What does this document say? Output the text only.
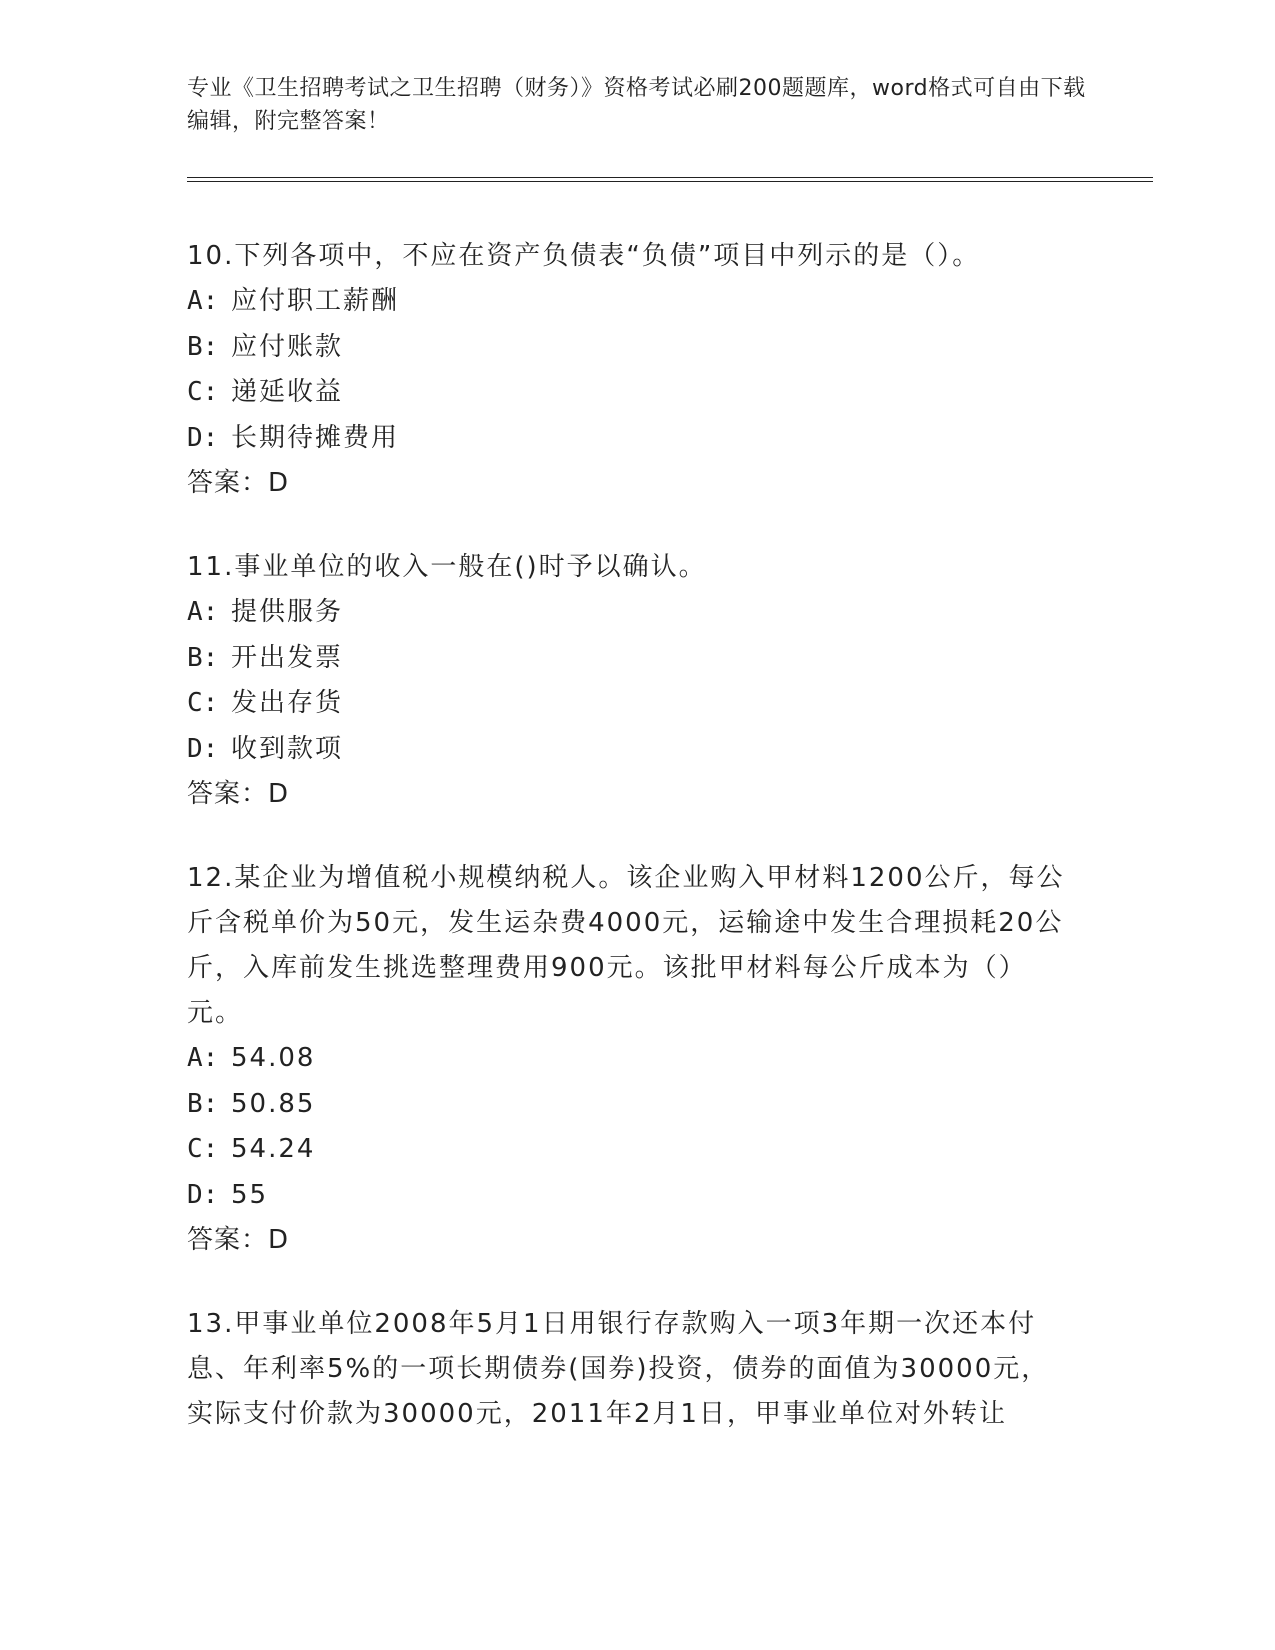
专业《卫生招聘考试之卫生招聘（财务）》资格考试必刷200题题库，word格式可自由下载编辑，附完整答案！
10.下列各项中，不应在资产负债表“负债”项目中列示的是（）。
A: 应付职工薪酬
B: 应付账款
C: 递延收益
D: 长期待摊费用
答案：D
11.事业单位的收入一般在()时予以确认。
A: 提供服务
B: 开出发票
C: 发出存货
D: 收到款项
答案：D
12.某企业为增值税小规模纳税人。该企业购入甲材料1200公斤，每公斤含税单价为50元，发生运杂费4000元，运输途中发生合理损耗20公斤，入库前发生挑选整理费用900元。该批甲材料每公斤成本为（）元。
A: 54.08
B: 50.85
C: 54.24
D: 55
答案：D
13.甲事业单位2008年5月1日用银行存款购入一项3年期一次还本付息、年利率5%的一项长期债券(国券)投资，债券的面值为30000元，实际支付价款为30000元，2011年2月1日，甲事业单位对外转让
